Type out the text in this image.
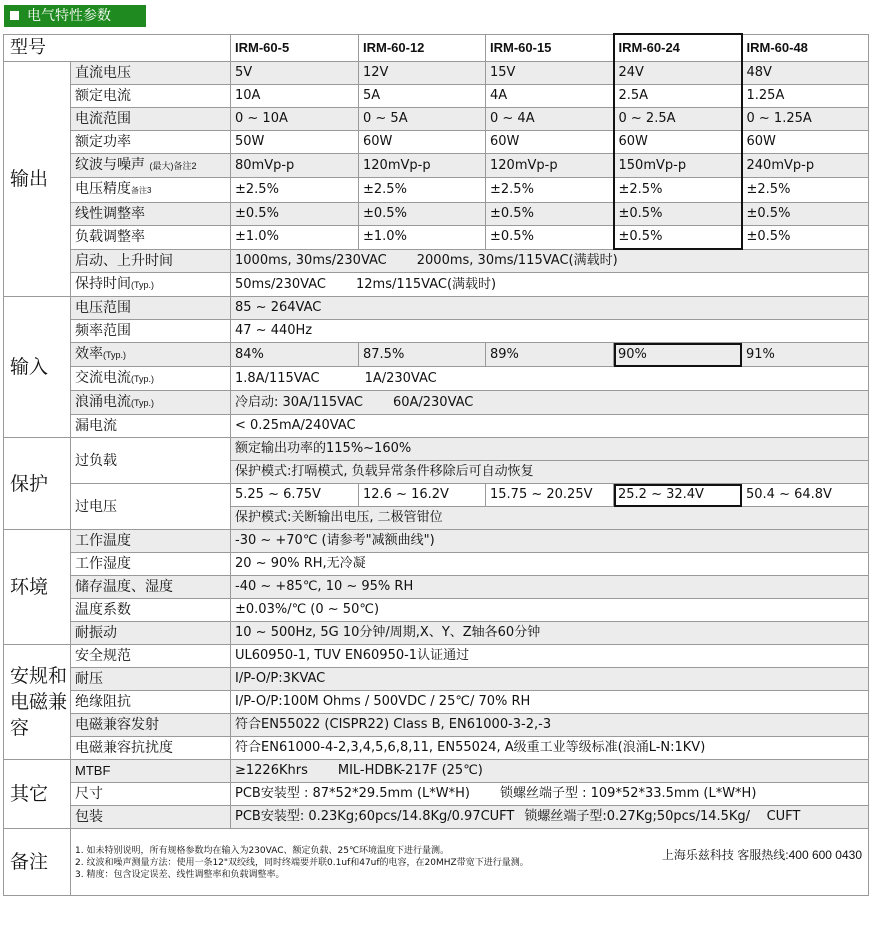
电气特性参数
型号		IRM-60-5	IRM-60-12	IRM-60-15	IRM-60-24	IRM-60-48
输出	直流电压	5V	12V	15V	24V	48V
	额定电流	10A	5A	4A	2.5A	1.25A
	电流范围	0 ~ 10A	0 ~ 5A	0 ~ 4A	0 ~ 2.5A	0 ~ 1.25A
	额定功率	50W	60W	60W	60W	60W
	纹波与噪声 (最大)备注2	80mVp-p	120mVp-p	120mVp-p	150mVp-p	240mVp-p
	电压精度备注3	±2.5%	±2.5%	±2.5%	±2.5%	±2.5%
	线性调整率	±0.5%	±0.5%	±0.5%	±0.5%	±0.5%
	负载调整率	±1.0%	±1.0%	±0.5%	±0.5%	±0.5%
	启动、上升时间	1000ms, 30ms/230VAC 2000ms, 30ms/115VAC(满载时)				
	保持时间(Typ.)	50ms/230VAC 12ms/115VAC(满载时)				
输入	电压范围	85 ~ 264VAC				
	频率范围	47 ~ 440Hz				
	效率(Typ.)	84%	87.5%	89%	90%	91%
	交流电流(Typ.)	1.8A/115VAC 1A/230VAC				
	浪涌电流(Typ.)	冷启动: 30A/115VAC 60A/230VAC				
	漏电流	< 0.25mA/240VAC				
保护	过负载	额定输出功率的115%~160%				
		保护模式:打嗝模式, 负载异常条件移除后可自动恢复				
	过电压	5.25 ~ 6.75V	12.6 ~ 16.2V	15.75 ~ 20.25V	25.2 ~ 32.4V	50.4 ~ 64.8V
		保护模式:关断输出电压, 二极管钳位				
环境	工作温度	-30 ~ +70℃ (请参考"减额曲线")				
	工作湿度	20 ~ 90% RH,无冷凝				
	储存温度、湿度	-40 ~ +85℃, 10 ~ 95% RH				
	温度系数	±0.03%/℃ (0 ~ 50℃)				
	耐振动	10 ~ 500Hz, 5G 10分钟/周期,X、Y、Z轴各60分钟				
安规和电磁兼容	安全规范	UL60950-1, TUV EN60950-1认证通过				
	耐压	I/P-O/P:3KVAC				
	绝缘阻抗	I/P-O/P:100M Ohms / 500VDC / 25℃/ 70% RH				
	电磁兼容发射	符合EN55022 (CISPR22) Class B, EN61000-3-2,-3				
	电磁兼容抗扰度	符合EN61000-4-2,3,4,5,6,8,11, EN55024, A级重工业等级标准(浪涌L-N:1KV)				
其它	MTBF	≥1226Khrs MIL-HDBK-217F (25℃)				
	尺寸	PCB安装型 : 87*52*29.5mm (L*W*H) 锁螺丝端子型 : 109*52*33.5mm (L*W*H)				
	包装	PCB安装型: 0.23Kg;60pcs/14.8Kg/0.97CUFT 锁螺丝端子型:0.27Kg;50pcs/14.5Kg/    CUFT				
备注	1. 如未特别说明，所有规格参数均在输入为230VAC、额定负载、25℃环境温度下进行量测。
2. 纹波和噪声测量方法：使用一条12"双绞线，同时终端要并联0.1uf和47uf的电容，在20MHZ带宽下进行量测。
3. 精度：包含设定误差、线性调整率和负载调整率。
上海乐兹科技 客服热线:400 600 0430					
